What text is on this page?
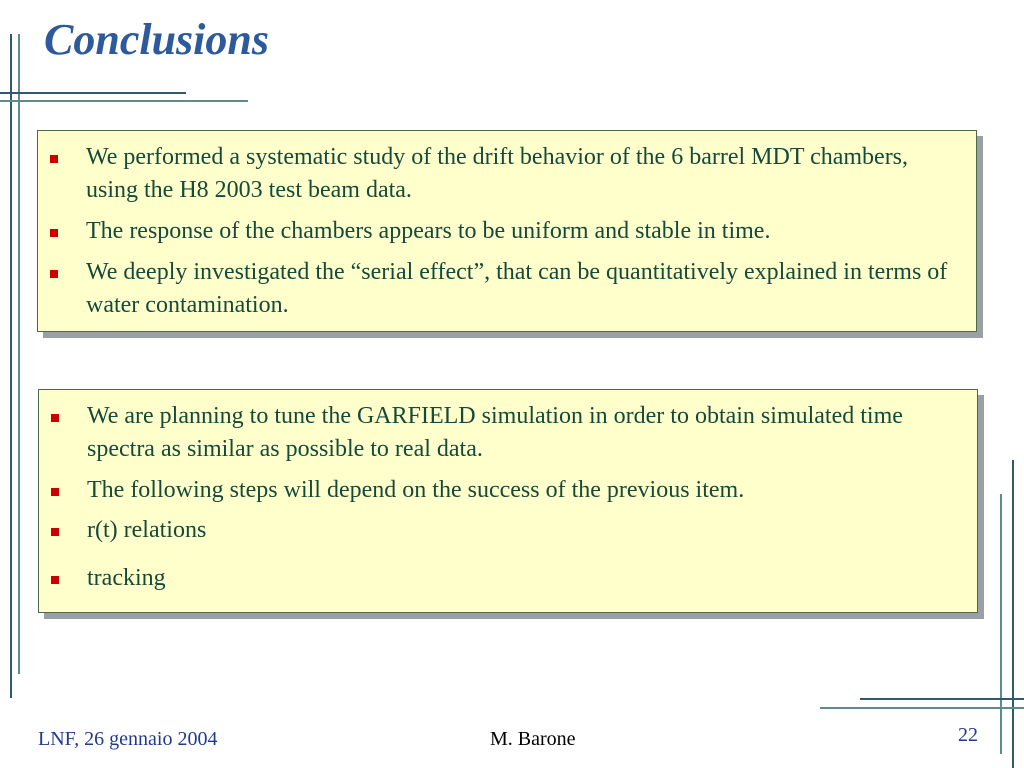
Conclusions
We performed a systematic study of the drift behavior of the 6 barrel MDT chambers, using the H8 2003 test beam data.
The response of the chambers appears to be uniform and stable in time.
We deeply investigated the “serial effect”, that can be quantitatively explained in terms of water contamination.
We are planning to tune the GARFIELD simulation in order to obtain simulated time spectra as similar as possible to real data.
The following steps will depend on the success of the previous item.
r(t) relations
tracking
LNF, 26 gennaio 2004	M. Barone	22
